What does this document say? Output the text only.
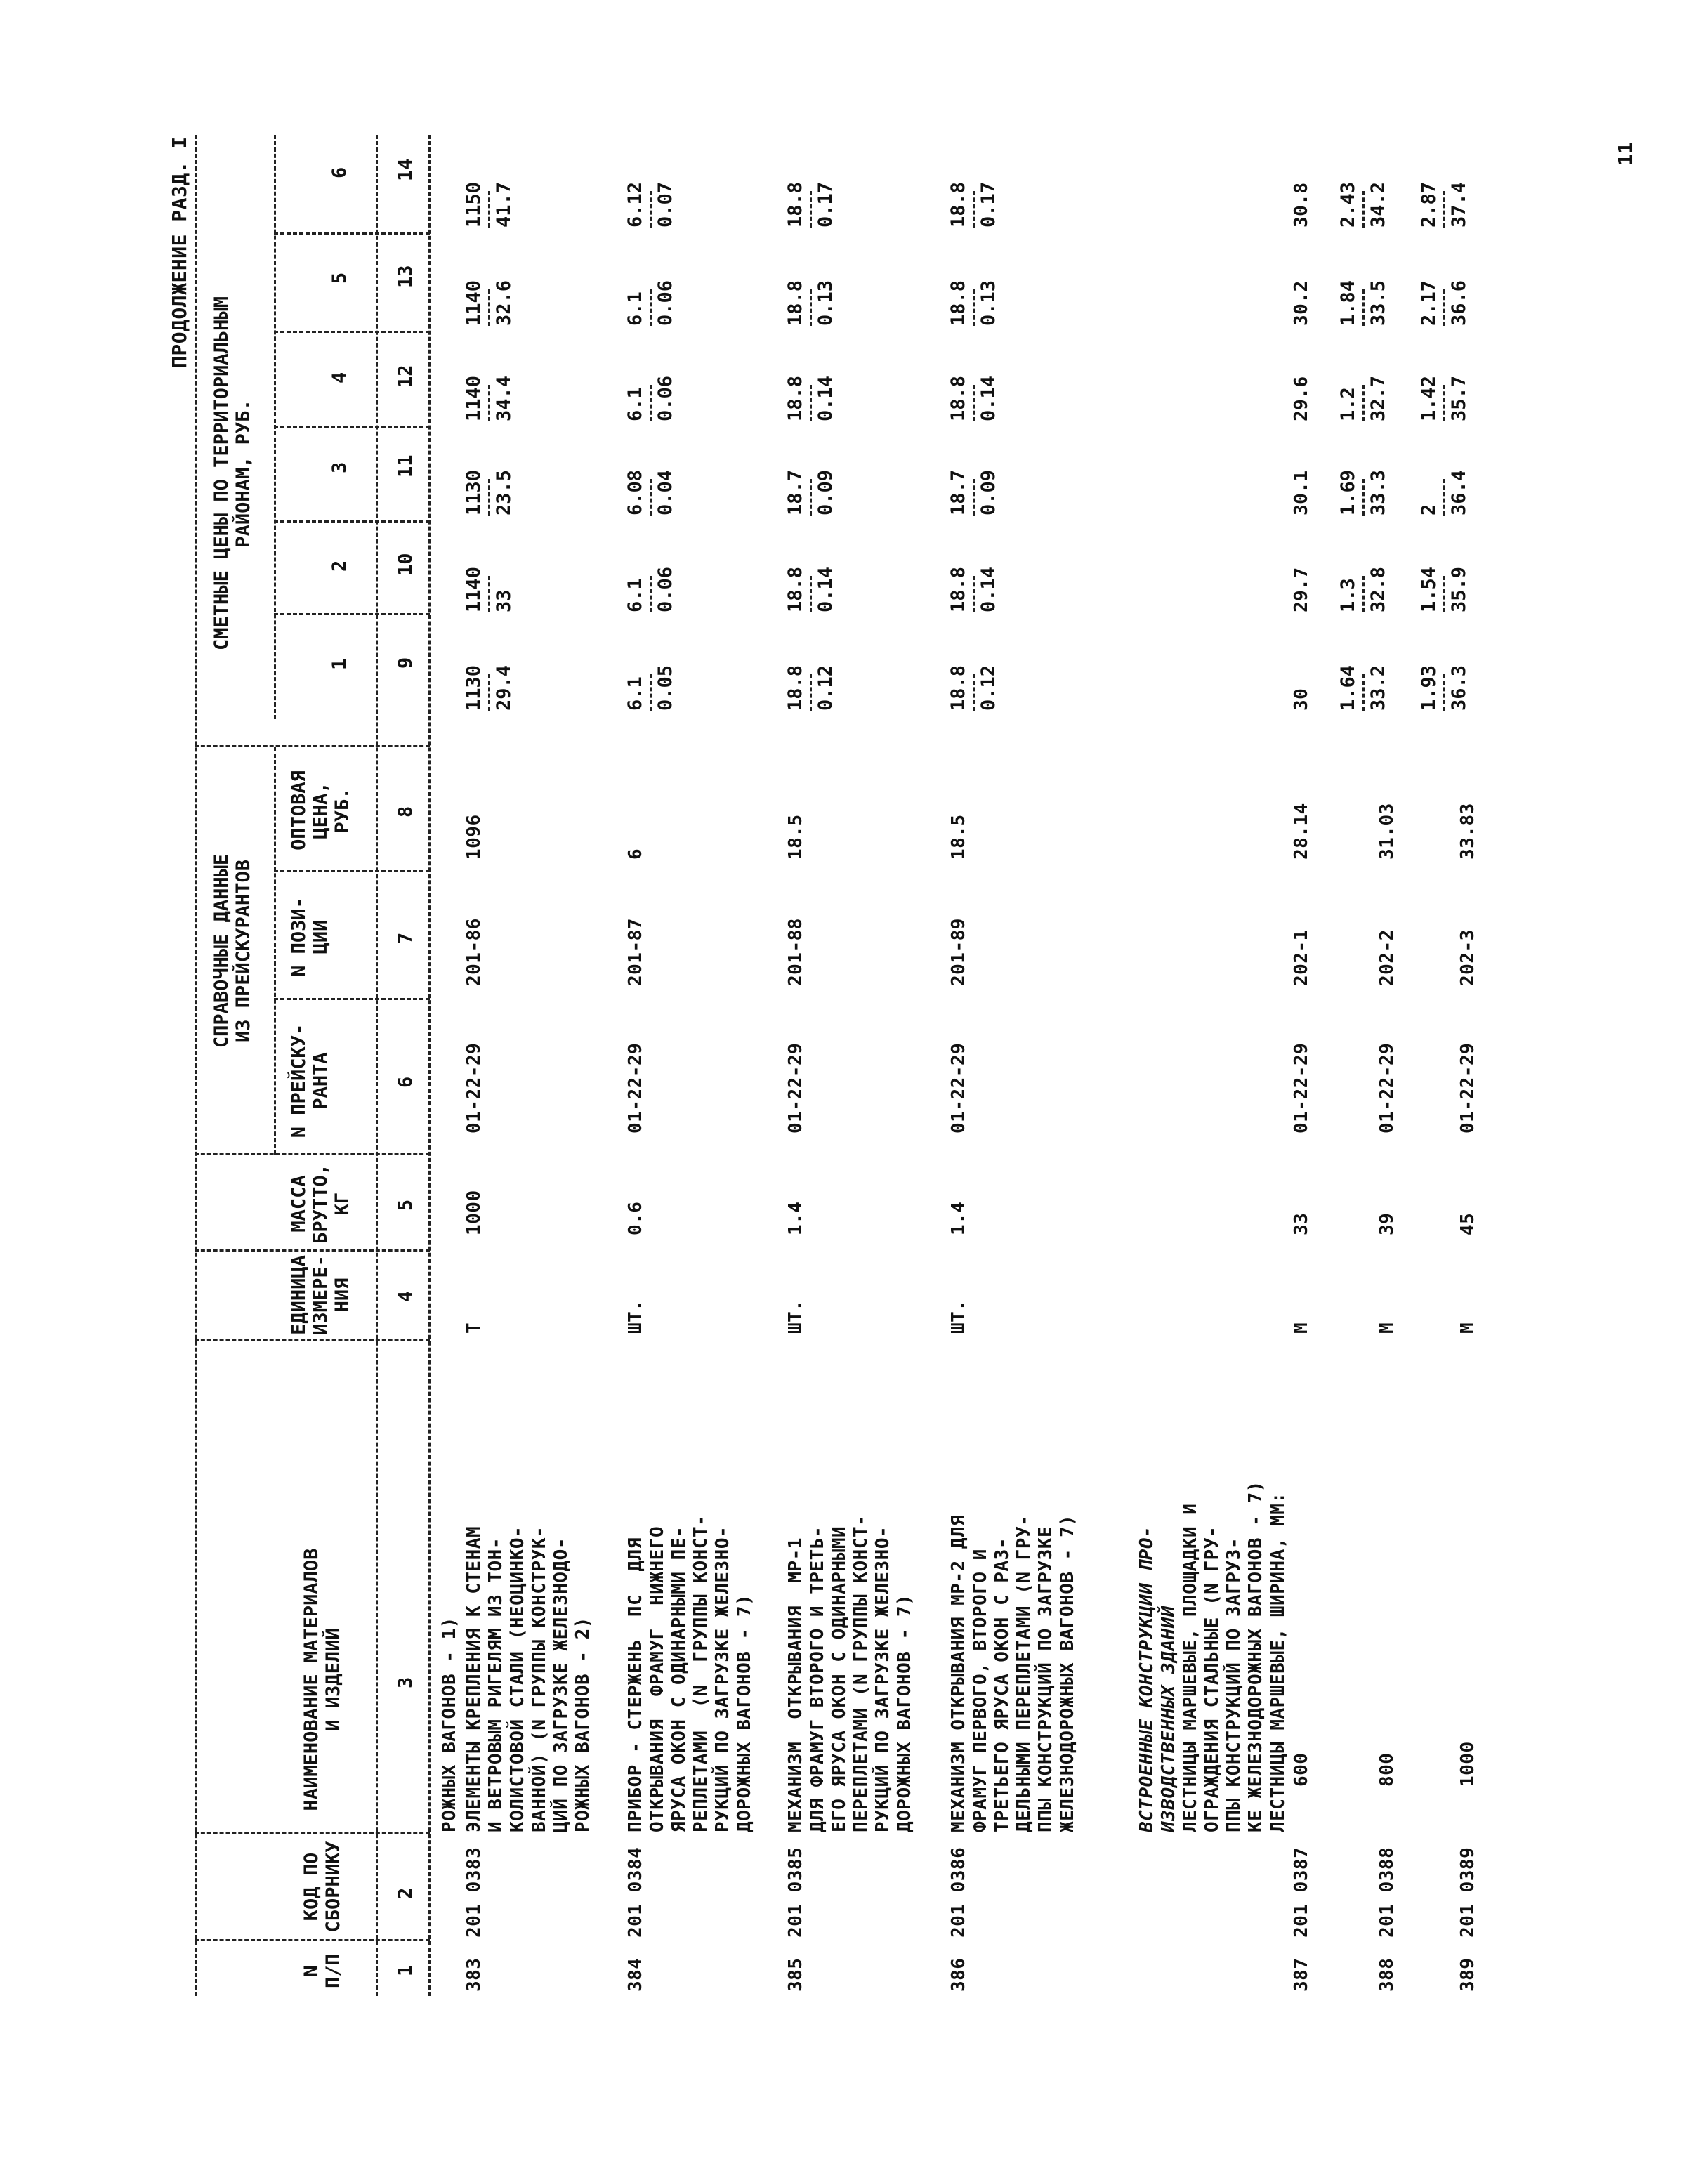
ПРОДОЛЖЕНИЕ РАЗД. I
N
П/П
КОД ПО
СБОРНИКУ
НАИМЕНОВАНИЕ МАТЕРИАЛОВ
И ИЗДЕЛИЙ
ЕДИНИЦА
ИЗМЕРЕ-
НИЯ
МАССА
БРУТТО,
КГ
СПРАВОЧНЫЕ ДАННЫЕ
ИЗ ПРЕЙСКУРАНТОВ
N ПРЕЙСКУ-
РАНТА
N ПОЗИ-
ЦИИ
ОПТОВАЯ
ЦЕНА,
РУБ.
СМЕТНЫЕ ЦЕНЫ ПО ТЕРРИТОРИАЛЬНЫМ
РАЙОНАМ, РУБ.
1
2
3
4
5
6
1
2
3
4
5
6
7
8
9
10
11
12
13
14
РОЖНЫХ ВАГОНОВ - 1)
383
201 0383
ЭЛЕМЕНТЫ КРЕПЛЕНИЯ К СТЕНАМ
И ВЕТРОВЫМ РИГЕЛЯМ ИЗ ТОН-
КОЛИСТОВОЙ СТАЛИ (НЕОЦИНКО-
ВАННОЙ) (N ГРУППЫ КОНСТРУК-
ЦИЙ ПО ЗАГРУЗКЕ ЖЕЛЕЗНОДО-
РОЖНЫХ ВАГОНОВ - 2)
Т
1000
01-22-29
201-86
1096
1130 29.4
1140 33
1130 23.5
1140 34.4
1140 32.6
1150 41.7
384
201 0384
ПРИБОР - СТЕРЖЕНЬ  ПС  ДЛЯ
ОТКРЫВАНИЯ  ФРАМУГ  НИЖНЕГО
ЯРУСА ОКОН С ОДИНАРНЫМИ ПЕ-
РЕПЛЕТАМИ  (N  ГРУППЫ КОНСТ-
РУКЦИЙ ПО ЗАГРУЗКЕ ЖЕЛЕЗНО-
ДОРОЖНЫХ ВАГОНОВ - 7)
ШТ.
0.6
01-22-29
201-87
6
6.1 0.05
6.1 0.06
6.08 0.04
6.1 0.06
6.1 0.06
6.12 0.07
385
201 0385
МЕХАНИЗМ  ОТКРЫВАНИЯ  МР-1
ДЛЯ ФРАМУГ ВТОРОГО И ТРЕТЬ-
ЕГО ЯРУСА ОКОН С ОДИНАРНЫМИ
ПЕРЕПЛЕТАМИ (N ГРУППЫ КОНСТ-
РУКЦИЙ ПО ЗАГРУЗКЕ ЖЕЛЕЗНО-
ДОРОЖНЫХ ВАГОНОВ - 7)
ШТ.
1.4
01-22-29
201-88
18.5
18.8 0.12
18.8 0.14
18.7 0.09
18.8 0.14
18.8 0.13
18.8 0.17
386
201 0386
МЕХАНИЗМ ОТКРЫВАНИЯ МР-2 ДЛЯ
ФРАМУГ ПЕРВОГО, ВТОРОГО И
ТРЕТЬЕГО ЯРУСА ОКОН С РАЗ-
ДЕЛЬНЫМИ ПЕРЕПЛЕТАМИ (N ГРУ-
ППЫ КОНСТРУКЦИЙ ПО ЗАГРУЗКЕ
ЖЕЛЕЗНОДОРОЖНЫХ ВАГОНОВ - 7)
ШТ.
1.4
01-22-29
201-89
18.5
18.8 0.12
18.8 0.14
18.7 0.09
18.8 0.14
18.8 0.13
18.8 0.17
ВСТРОЕННЫЕ КОНСТРУКЦИИ ПРО-
ИЗВОДСТВЕННЫХ ЗДАНИЙ
ЛЕСТНИЦЫ МАРШЕВЫЕ, ПЛОЩАДКИ И
ОГРАЖДЕНИЯ СТАЛЬНЫЕ (N ГРУ-
ППЫ КОНСТРУКЦИЙ ПО ЗАГРУЗ-
КЕ ЖЕЛЕЗНОДОРОЖНЫХ ВАГОНОВ - 7) ЛЕСТНИЦЫ МАРШЕВЫЕ, ШИРИНА, ММ:
387
201 0387
600
М
33
01-22-29
202-1
28.14
30
29.7
30.1
29.6
30.2
30.8
388
201 0388
800
М
39
01-22-29
202-2
31.03
1.64 33.2
1.3 32.8
1.69 33.3
1.2 32.7
1.84 33.5
2.43 34.2
389
201 0389
1000
М
45
01-22-29
202-3
33.83
1.93 36.3
1.54 35.9
2 36.4
1.42 35.7
2.17 36.6
2.87 37.4
11
